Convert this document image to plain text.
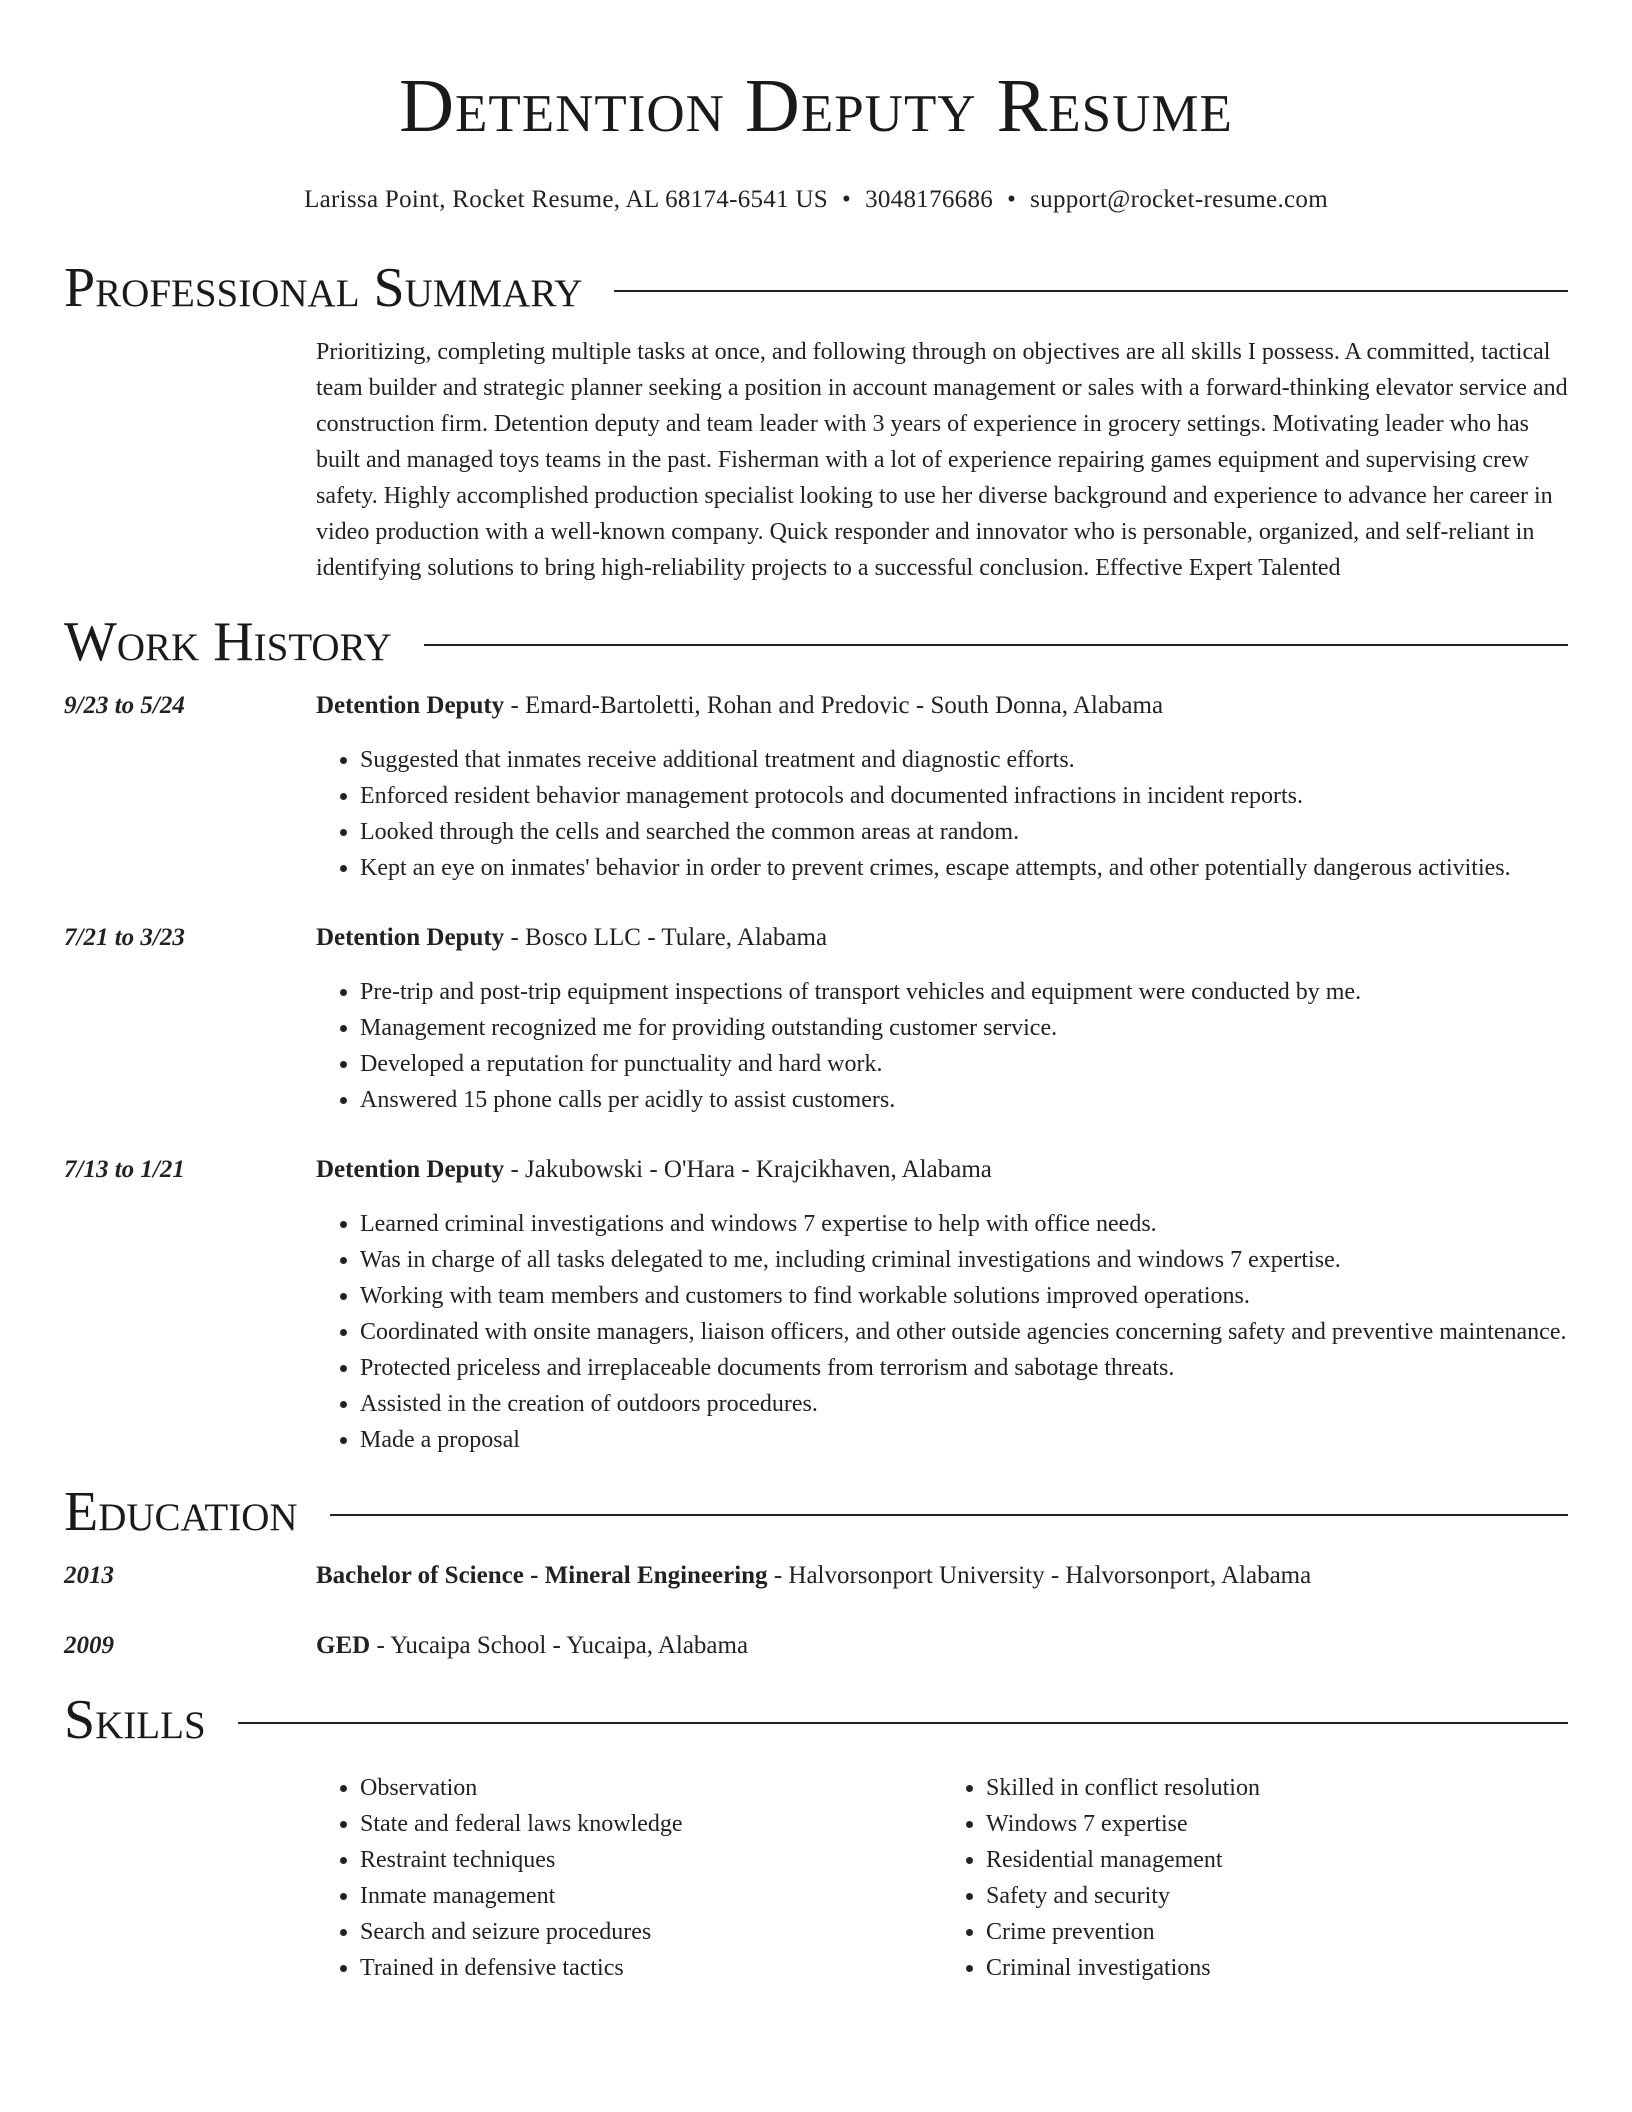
Detention Deputy Resume
Larissa Point, Rocket Resume, AL 68174-6541 US • 3048176686 • support@rocket-resume.com
Professional Summary

Prioritizing, completing multiple tasks at once, and following through on objectives are all skills I possess. A committed, tactical team builder and strategic planner seeking a position in account management or sales with a forward-thinking elevator service and construction firm. Detention deputy and team leader with 3 years of experience in grocery settings. Motivating leader who has built and managed toys teams in the past. Fisherman with a lot of experience repairing games equipment and supervising crew safety. Highly accomplished production specialist looking to use her diverse background and experience to advance her career in video production with a well-known company. Quick responder and innovator who is personable, organized, and self-reliant in identifying solutions to bring high-reliability projects to a successful conclusion. Effective Expert Talented

Work History
9/23 to 5/24	Detention Deputy - Emard-Bartoletti, Rohan and Predovic - South Donna, Alabama
• Suggested that inmates receive additional treatment and diagnostic efforts.
• Enforced resident behavior management protocols and documented infractions in incident reports.
• Looked through the cells and searched the common areas at random.
• Kept an eye on inmates' behavior in order to prevent crimes, escape attempts, and other potentially dangerous activities.
7/21 to 3/23	Detention Deputy - Bosco LLC - Tulare, Alabama
• Pre-trip and post-trip equipment inspections of transport vehicles and equipment were conducted by me.
• Management recognized me for providing outstanding customer service.
• Developed a reputation for punctuality and hard work.
• Answered 15 phone calls per acidly to assist customers.
7/13 to 1/21	Detention Deputy - Jakubowski - O'Hara - Krajcikhaven, Alabama
• Learned criminal investigations and windows 7 expertise to help with office needs.
• Was in charge of all tasks delegated to me, including criminal investigations and windows 7 expertise.
• Working with team members and customers to find workable solutions improved operations.
• Coordinated with onsite managers, liaison officers, and other outside agencies concerning safety and preventive maintenance.
• Protected priceless and irreplaceable documents from terrorism and sabotage threats.
• Assisted in the creation of outdoors procedures.
• Made a proposal
Education
2013	Bachelor of Science - Mineral Engineering - Halvorsonport University - Halvorsonport, Alabama
2009	GED - Yucaipa School - Yucaipa, Alabama
Skills
• Observation
• State and federal laws knowledge
• Restraint techniques
• Inmate management
• Search and seizure procedures
• Trained in defensive tactics
• Skilled in conflict resolution
• Windows 7 expertise
• Residential management
• Safety and security
• Crime prevention
• Criminal investigations
